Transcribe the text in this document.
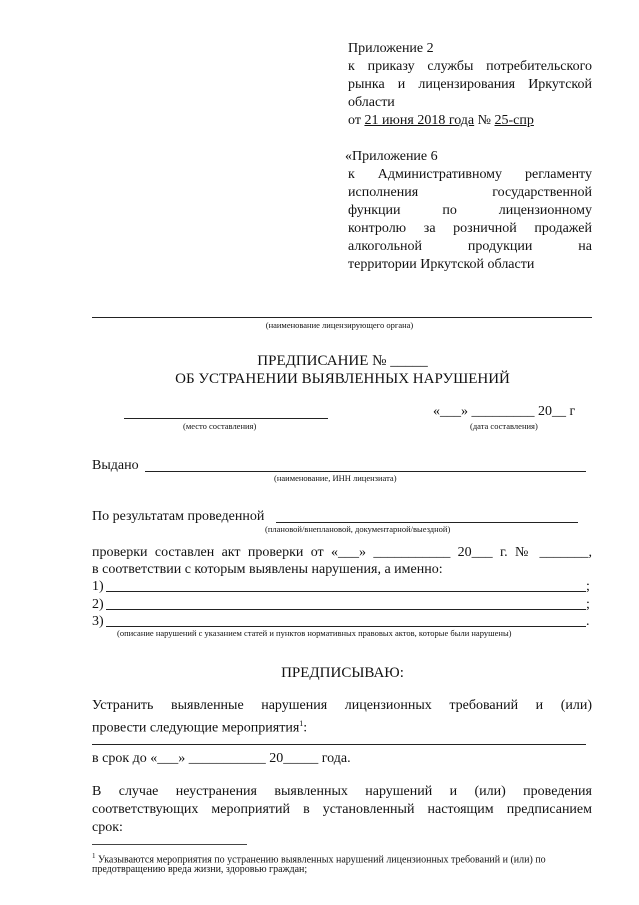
Приложение 2
к приказу службы потребительского
рынка и лицензирования Иркутской
области
от 21 июня 2018 года № 25-спр
«Приложение 6
к Административному регламенту
исполнения государственной
функции по лицензионному
контролю за розничной продажей
алкогольной продукции на
территории Иркутской области
(наименование лицензирующего органа)
ПРЕДПИСАНИЕ № _____
ОБ УСТРАНЕНИИ ВЫЯВЛЕННЫХ НАРУШЕНИЙ
(место составления)
«___» _________ 20__ г
(дата составления)
Выдано
(наименование, ИНН лицензиата)
По результатам проведенной
(плановой/внеплановой, документарной/выездной)
проверки составлен акт проверки от «___» ___________ 20___ г. № _______,
в соответствии с которым выявлены нарушения, а именно:
1)	;
2)	;
3)	.
(описание нарушений с указанием статей и пунктов нормативных правовых актов, которые были нарушены)
ПРЕДПИСЫВАЮ:
Устранить выявленные нарушения лицензионных требований и (или)
провести следующие мероприятия$^1$:
в срок до «___» ___________ 20_____ года.
В случае неустранения выявленных нарушений и (или) проведения
соответствующих мероприятий в установленный настоящим предписанием
срок:
$^1$ Указываются мероприятия по устранению выявленных нарушений лицензионных требований и (или) по
предотвращению вреда жизни, здоровью граждан;
